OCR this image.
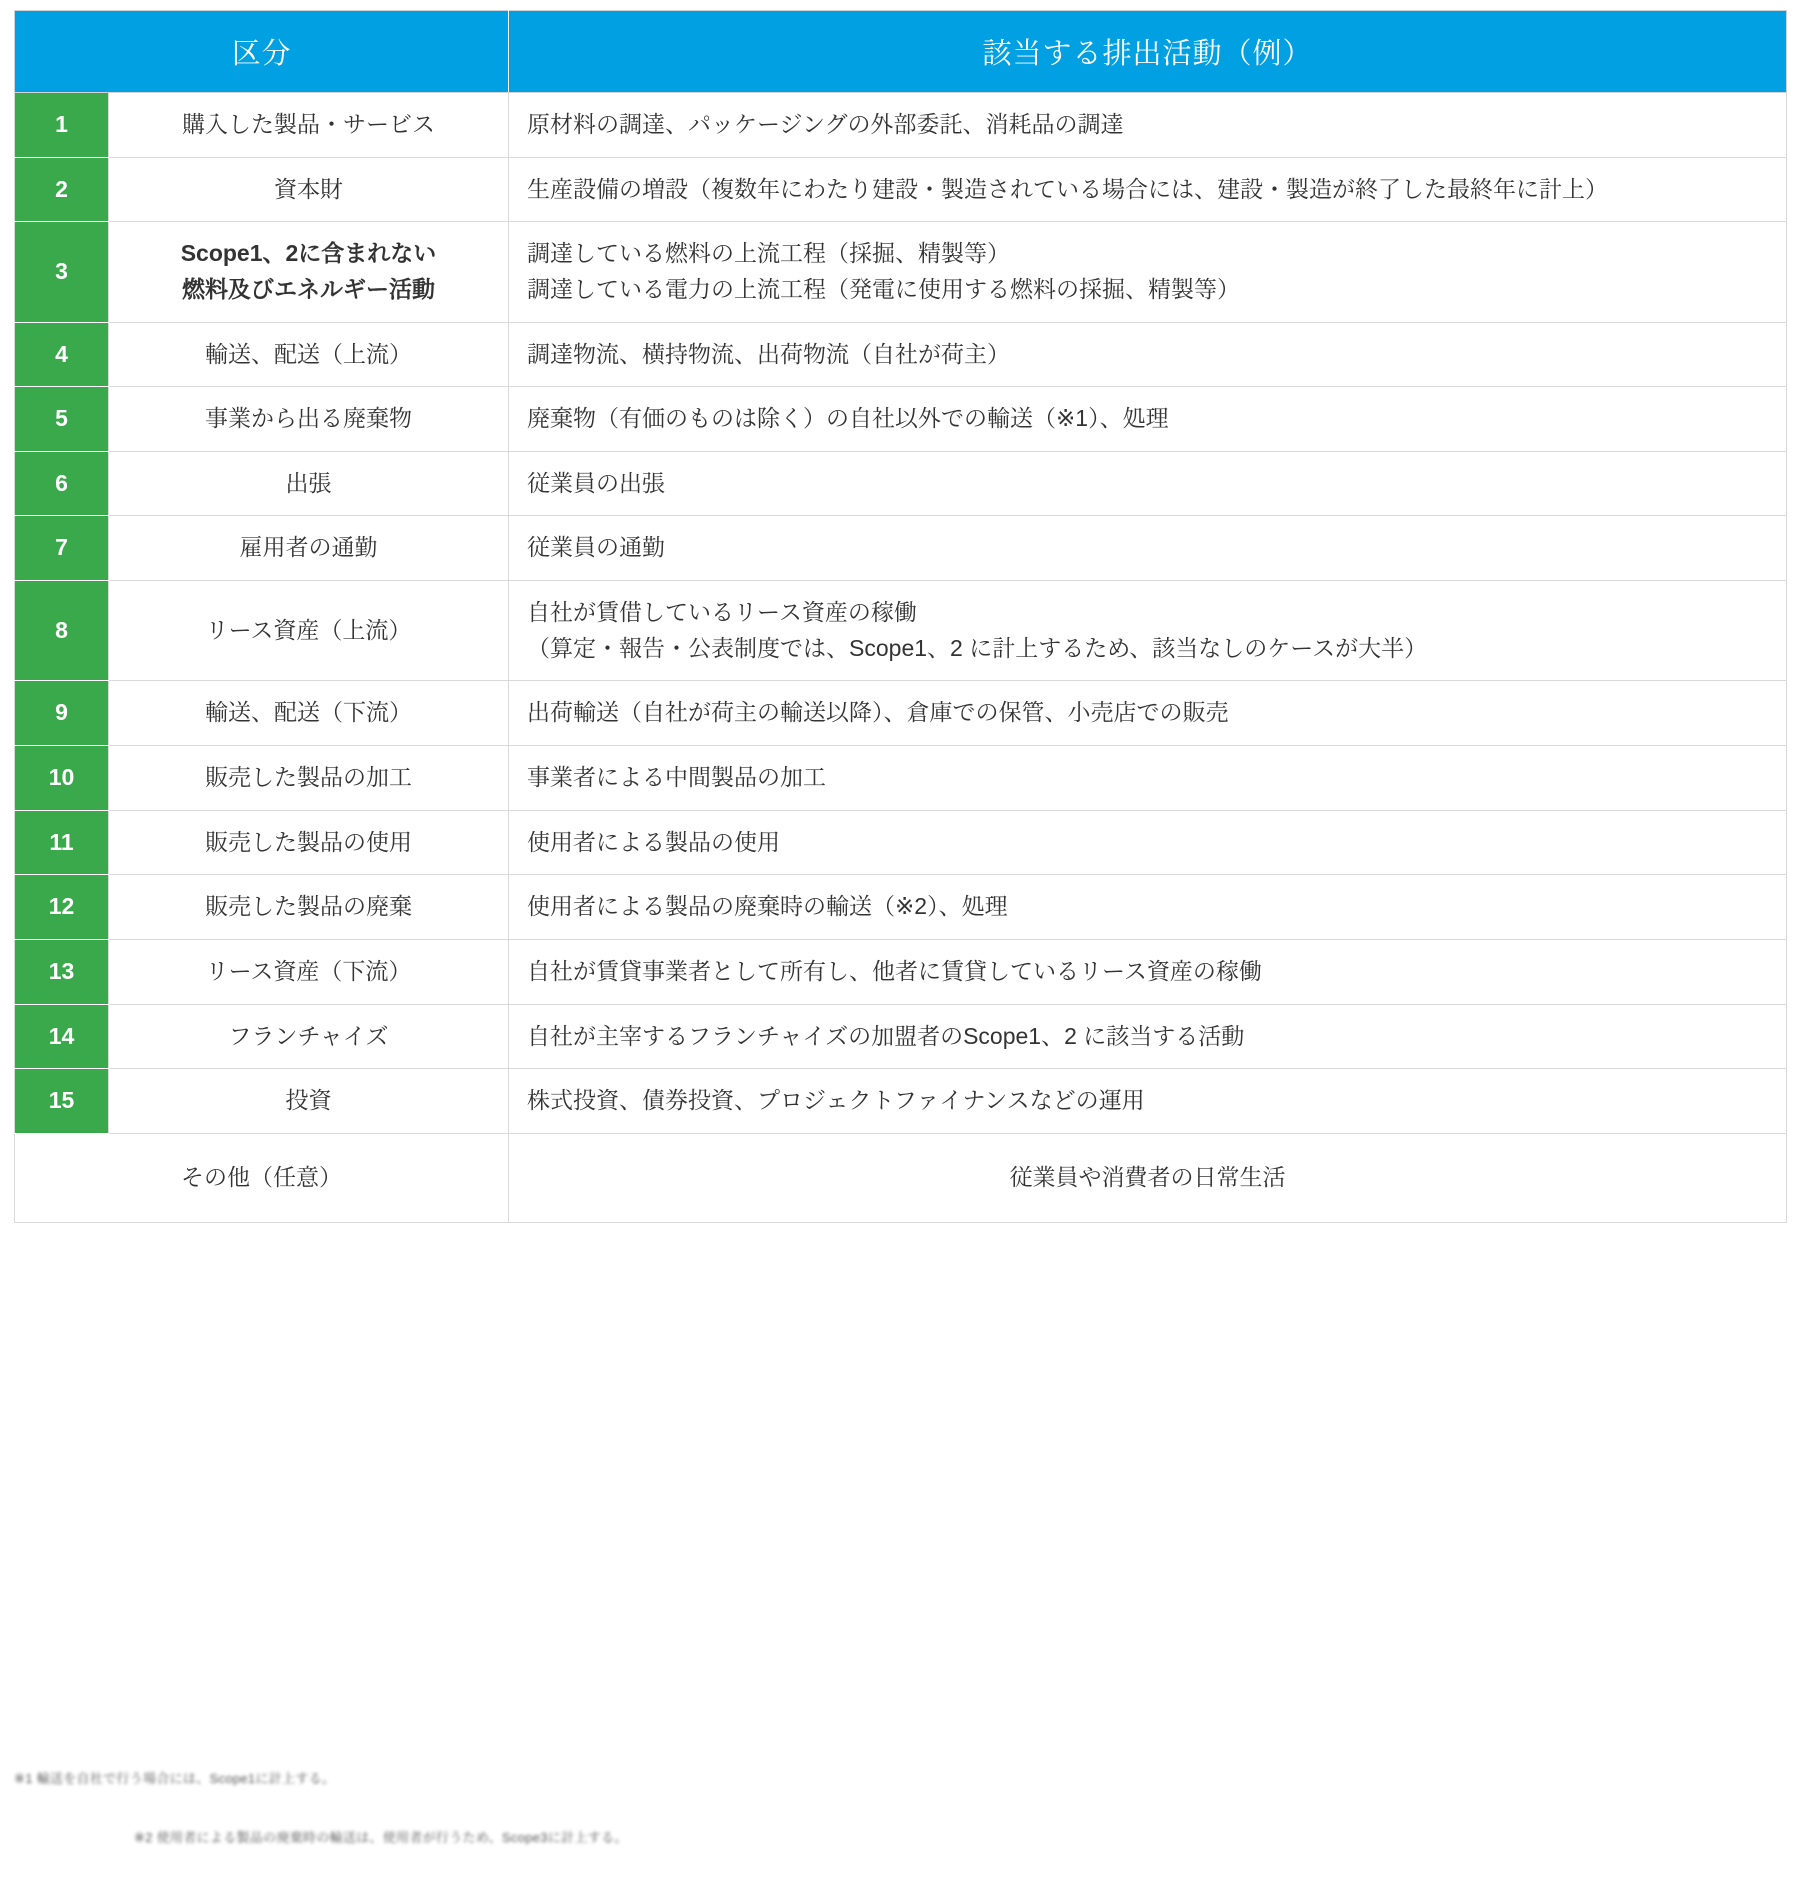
区分		該当する排出活動（例）
1	購入した製品・サービス	原材料の調達、パッケージングの外部委託、消耗品の調達
2	資本財	生産設備の増設（複数年にわたり建設・製造されている場合には、建設・製造が終了した最終年に計上）
3	Scope1、2に含まれない
燃料及びエネルギー活動	調達している燃料の上流工程（採掘、精製等）
調達している電力の上流工程（発電に使用する燃料の採掘、精製等）

4	輸送、配送（上流）	調達物流、横持物流、出荷物流（自社が荷主）
5	事業から出る廃棄物	廃棄物（有価のものは除く）の自社以外での輸送（※1）、処理
6	出張	従業員の出張
7	雇用者の通勤	従業員の通勤
8	リース資産（上流）	自社が賃借しているリース資産の稼働
（算定・報告・公表制度では、Scope1、2 に計上するため、該当なしのケースが大半）

9	輸送、配送（下流）	出荷輸送（自社が荷主の輸送以降）、倉庫での保管、小売店での販売
10	販売した製品の加工	事業者による中間製品の加工
11	販売した製品の使用	使用者による製品の使用
12	販売した製品の廃棄	使用者による製品の廃棄時の輸送（※2）、処理
13	リース資産（下流）	自社が賃貸事業者として所有し、他者に賃貸しているリース資産の稼働
14	フランチャイズ	自社が主宰するフランチャイズの加盟者のScope1、2 に該当する活動
15	投資	株式投資、債券投資、プロジェクトファイナンスなどの運用
その他（任意）		従業員や消費者の日常生活

※1 輸送を自社で行う場合には、Scope1に計上する。

※2 使用者による製品の廃棄時の輸送は、使用者が行うため、Scope3に計上する。
